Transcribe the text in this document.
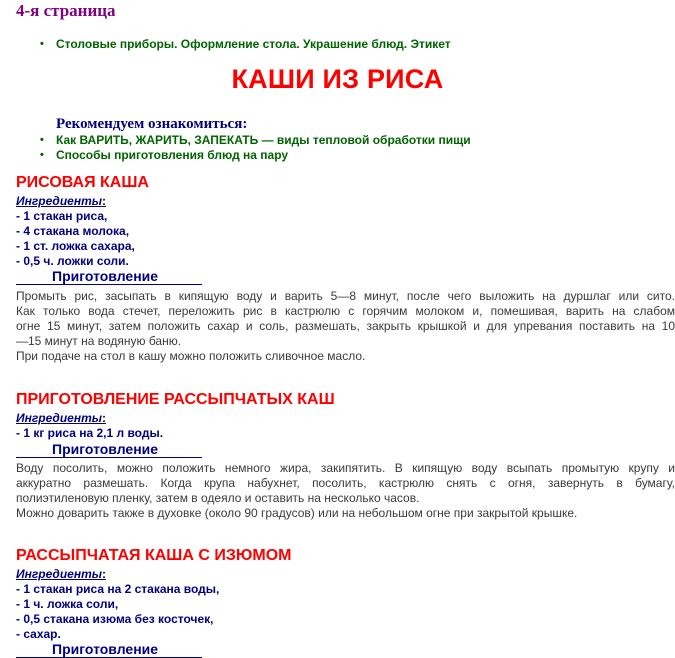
4-я страница
• Столовые приборы. Оформление стола. Украшение блюд. Этикет
КАШИ ИЗ РИСА
Рекомендуем ознакомиться:
• Как ВАРИТЬ, ЖАРИТЬ, ЗАПЕКАТЬ — виды тепловой обработки пищи
• Способы приготовления блюд на пару
РИСОВАЯ КАША
Ингредиенты:
- 1 стакан риса,
- 4 стакана молока,
- 1 ст. ложка сахара,
- 0,5 ч. ложки соли.
Приготовление

Промыть рис, засыпать в кипящую воду и варить 5—8 минут, после чего выложить на дуршлаг или сито.

Как только вода стечет, переложить рис в кастрюлю с горячим молоком и, помешивая, варить на слабом

огне 15 минут, затем положить сахар и соль, размешать, закрыть крышкой и для упревания поставить на 10

—15 минут на водяную баню.

При подаче на стол в кашу можно положить сливочное масло.

ПРИГОТОВЛЕНИЕ РАССЫПЧАТЫХ КАШ
Ингредиенты:
- 1 кг риса на 2,1 л воды.
Приготовление

Воду посолить, можно положить немного жира, закипятить. В кипящую воду всыпать промытую крупу и

аккуратно размешать. Когда крупа набухнет, посолить, кастрюлю снять с огня, завернуть в бумагу,

полиэтиленовую пленку, затем в одеяло и оставить на несколько часов.

Можно доварить также в духовке (около 90 градусов) или на небольшом огне при закрытой крышке.

РАССЫПЧАТАЯ КАША С ИЗЮМОМ
Ингредиенты:
- 1 стакан риса на 2 стакана воды,
- 1 ч. ложка соли,
- 0,5 стакана изюма без косточек,
- сахар.
Приготовление
